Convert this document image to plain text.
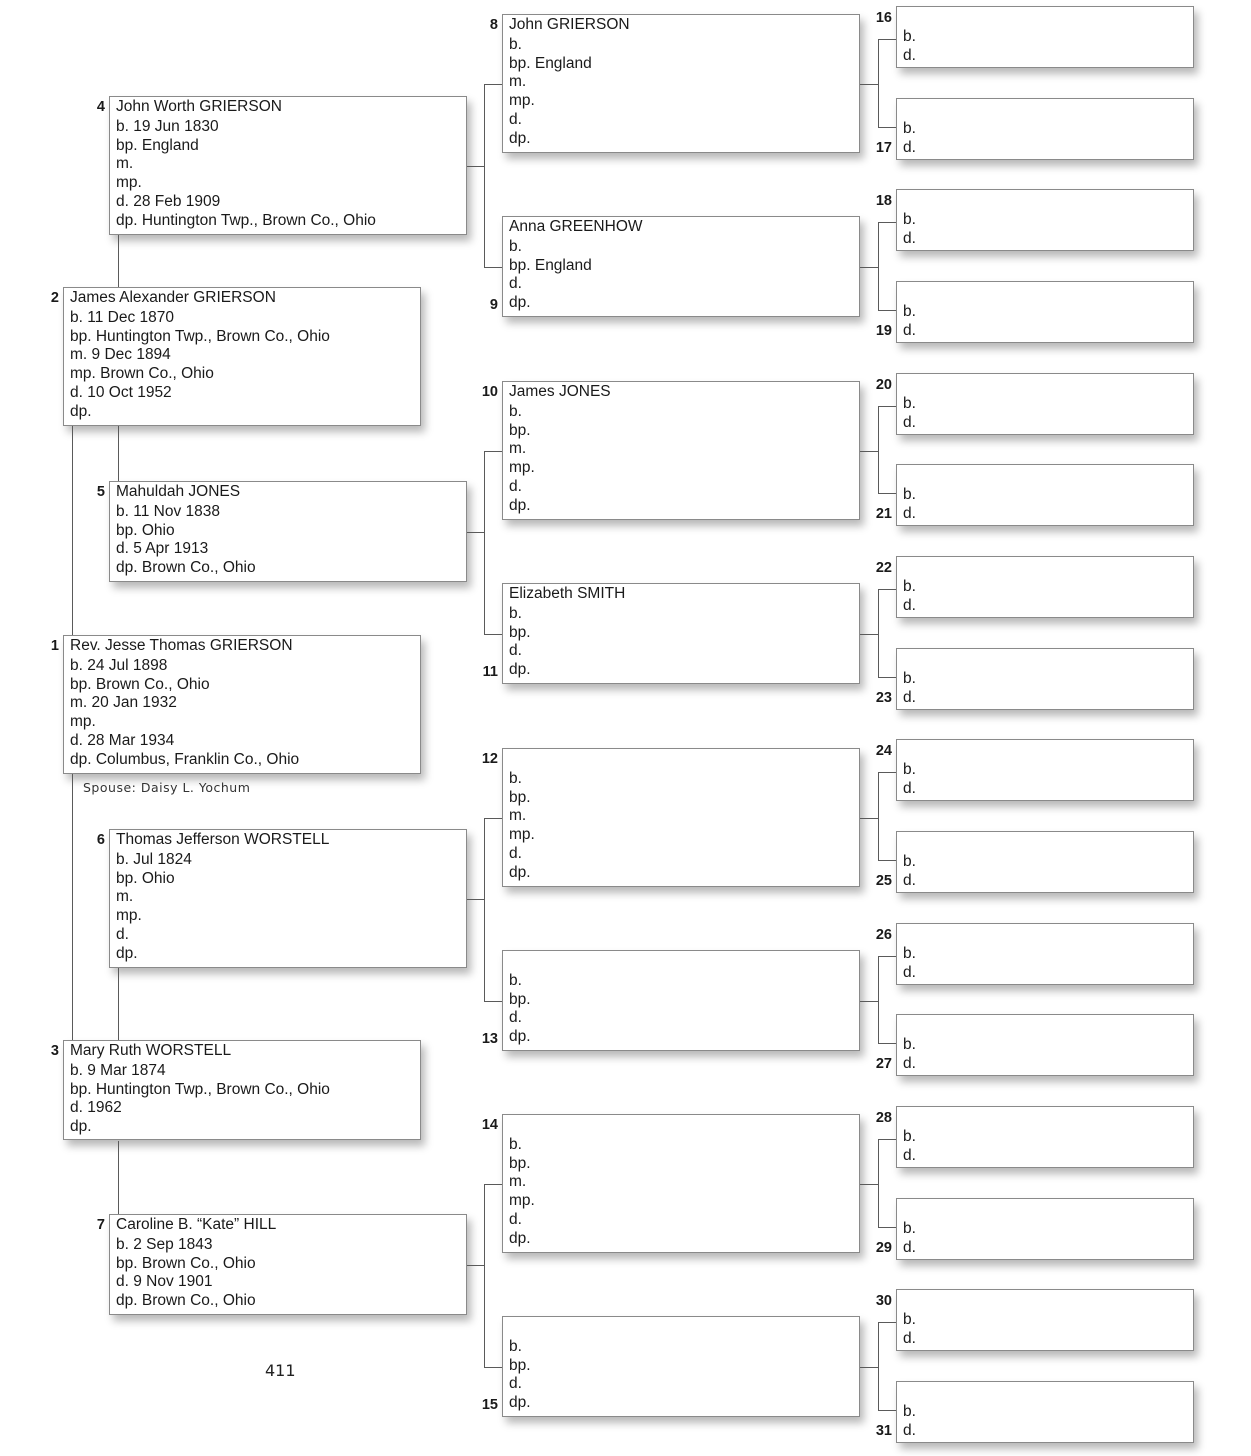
Rev. Jesse Thomas GRIERSON
b. 24 Jul 1898
bp. Brown Co., Ohio
m. 20 Jan 1932
mp.
d. 28 Mar 1934
dp. Columbus, Franklin Co., Ohio
1
James Alexander GRIERSON
b. 11 Dec 1870
bp. Huntington Twp., Brown Co., Ohio
m. 9 Dec 1894
mp. Brown Co., Ohio
d. 10 Oct 1952
dp.
2
Mary Ruth WORSTELL
b. 9 Mar 1874
bp. Huntington Twp., Brown Co., Ohio
d. 1962
dp.
3
John Worth GRIERSON
b. 19 Jun 1830
bp. England
m.
mp.
d. 28 Feb 1909
dp. Huntington Twp., Brown Co., Ohio
4
Mahuldah JONES
b. 11 Nov 1838
bp. Ohio
d. 5 Apr 1913
dp. Brown Co., Ohio
5
Thomas Jefferson WORSTELL
b. Jul 1824
bp. Ohio
m.
mp.
d.
dp.
6
Caroline B. “Kate” HILL
b. 2 Sep 1843
bp. Brown Co., Ohio
d. 9 Nov 1901
dp. Brown Co., Ohio
7
John GRIERSON
b.
bp. England
m.
mp.
d.
dp.
8
Anna GREENHOW
b.
bp. England
d.
dp.
9
James JONES
b.
bp.
m.
mp.
d.
dp.
10
Elizabeth SMITH
b.
bp.
d.
dp.
11

b.
bp.
m.
mp.
d.
dp.
12

b.
bp.
d.
dp.
13

b.
bp.
m.
mp.
d.
dp.
14

b.
bp.
d.
dp.
15
b.
d.
16
b.
d.
17
b.
d.
18
b.
d.
19
b.
d.
20
b.
d.
21
b.
d.
22
b.
d.
23
b.
d.
24
b.
d.
25
b.
d.
26
b.
d.
27
b.
d.
28
b.
d.
29
b.
d.
30
b.
d.
31
Spouse: Daisy L. Yochum
411
